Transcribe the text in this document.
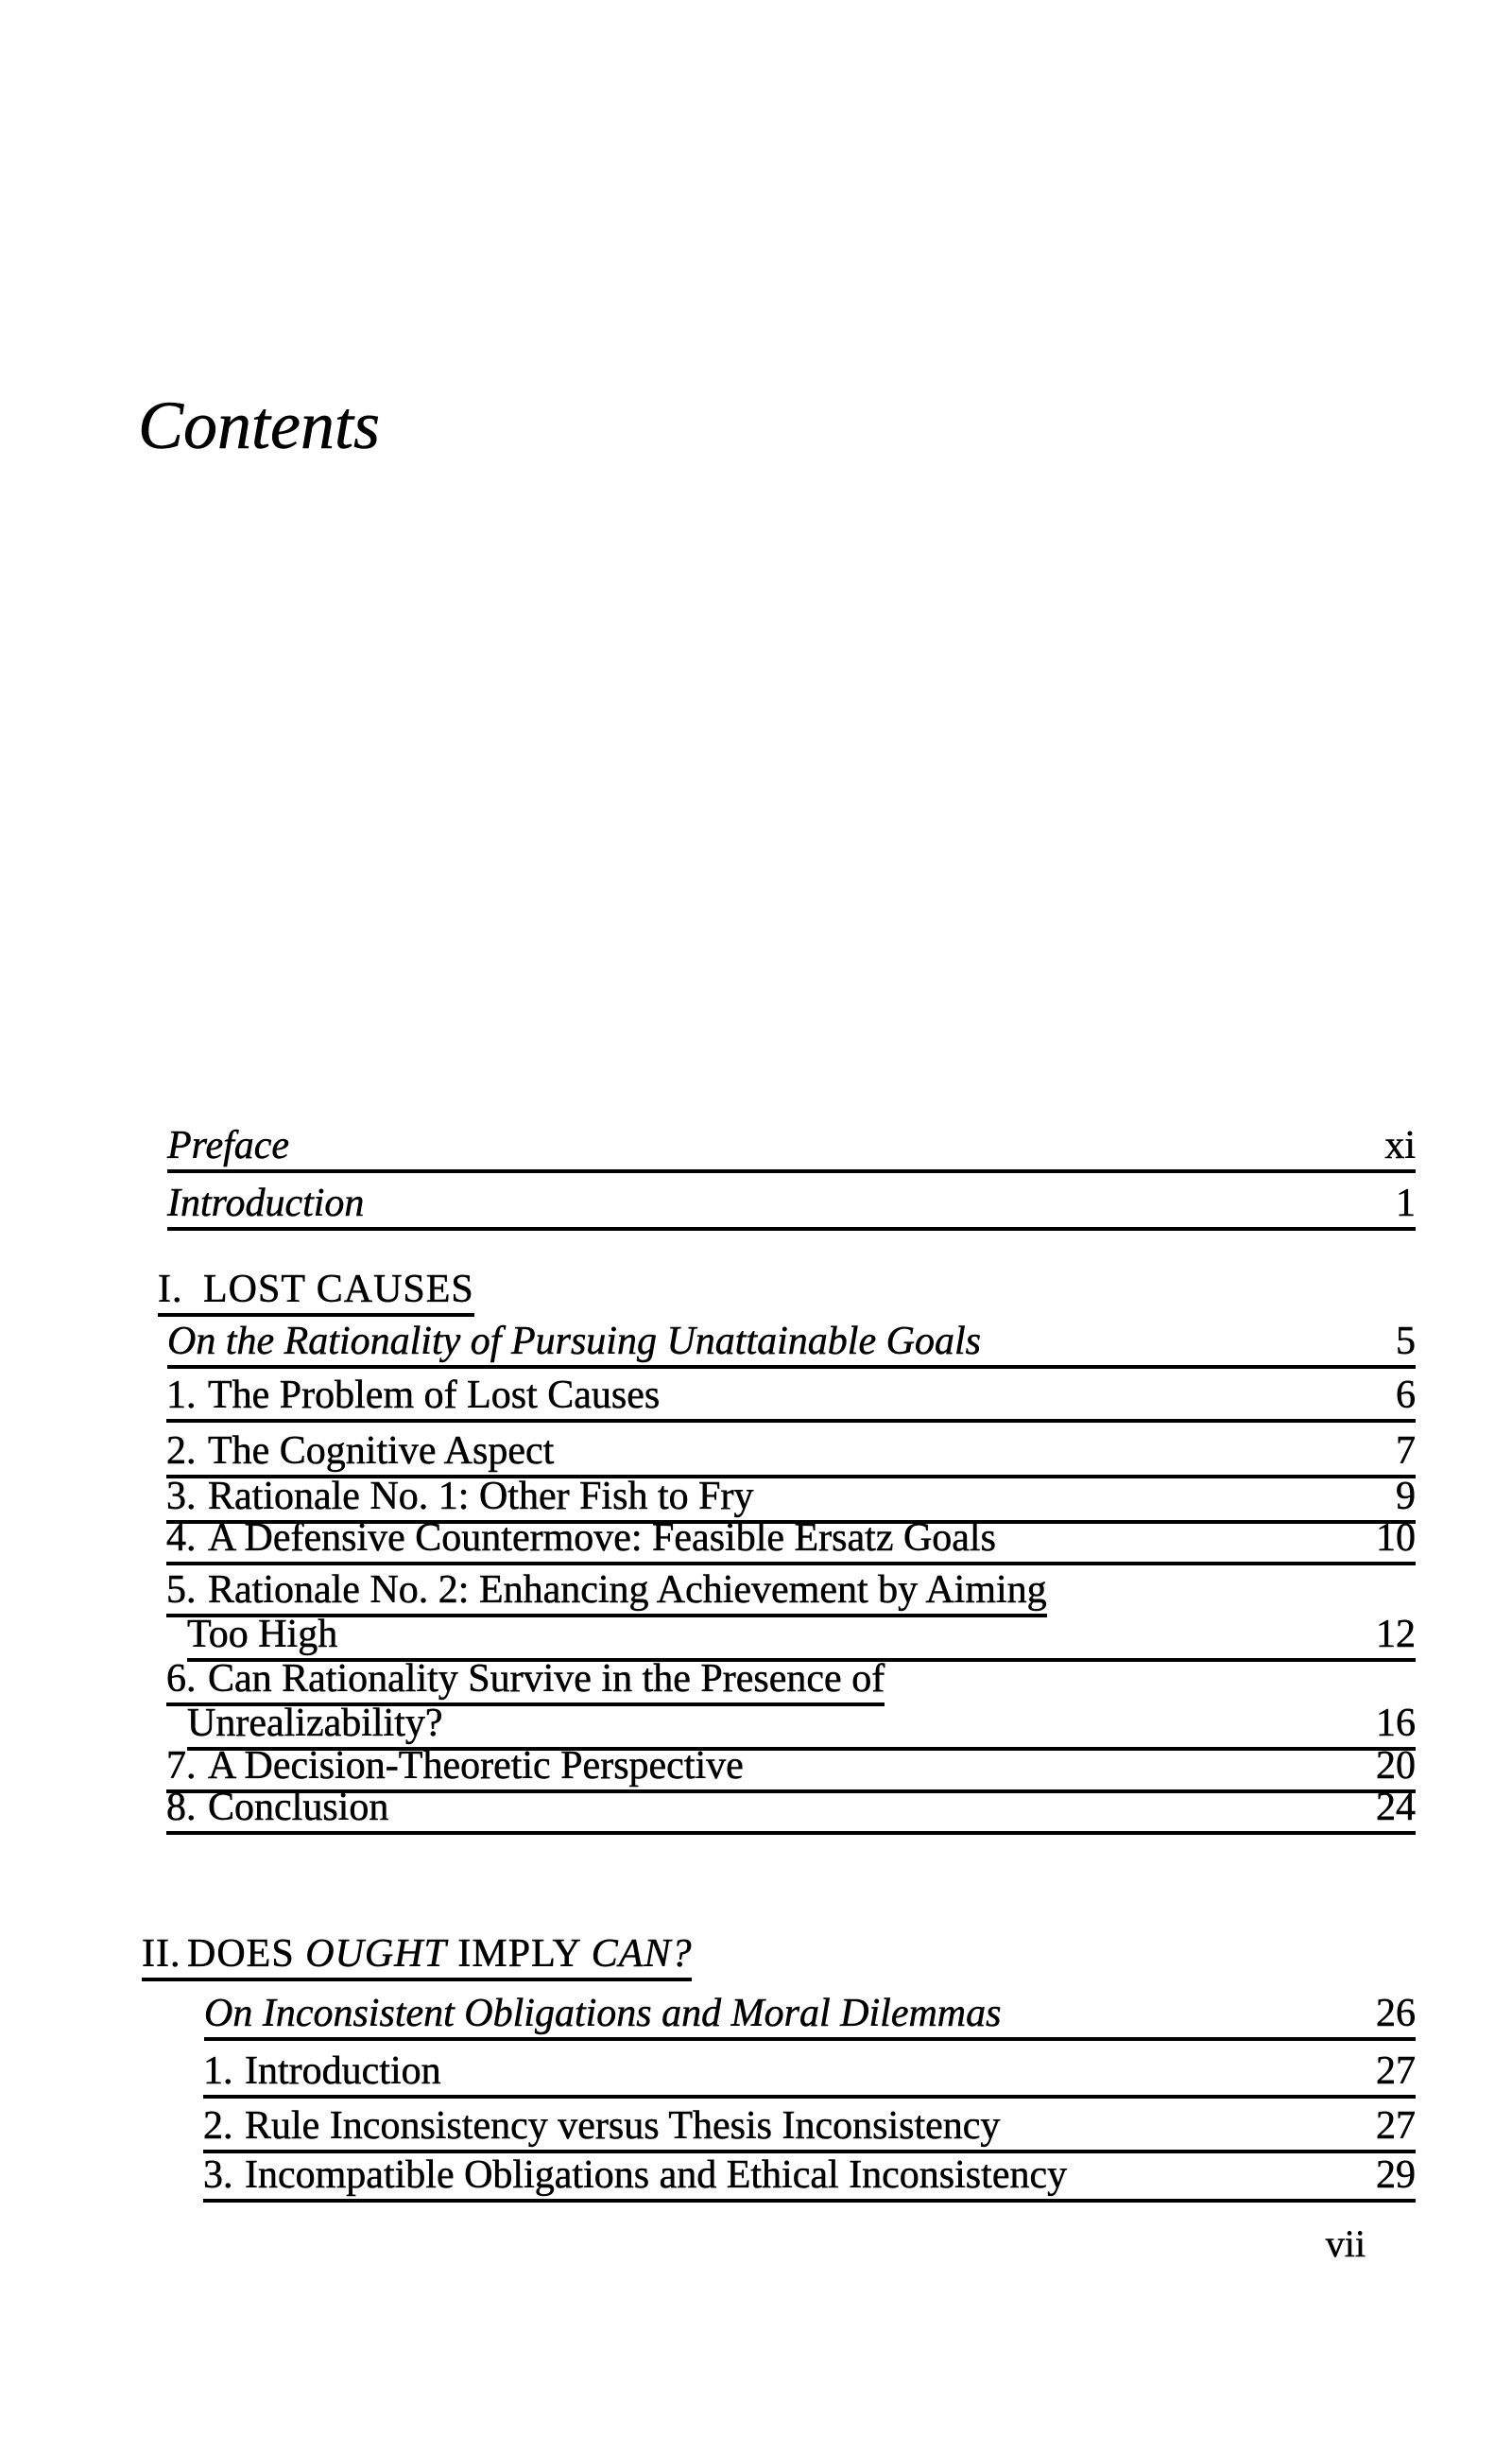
Contents
Preface	xi
Introduction	1
I. LOST CAUSES
On the Rationality of Pursuing Unattainable Goals	5
1. The Problem of Lost Causes	6
2. The Cognitive Aspect	7
3. Rationale No. 1: Other Fish to Fry	9
4. A Defensive Countermove: Feasible Ersatz Goals	10
5. Rationale No. 2: Enhancing Achievement by Aiming
Too High	12
6. Can Rationality Survive in the Presence of
Unrealizability?	16
7. A Decision-Theoretic Perspective	20
8. Conclusion	24
II. DOES OUGHT IMPLY CAN?
On Inconsistent Obligations and Moral Dilemmas	26
1. Introduction	27
2. Rule Inconsistency versus Thesis Inconsistency	27
3. Incompatible Obligations and Ethical Inconsistency	29
vii
